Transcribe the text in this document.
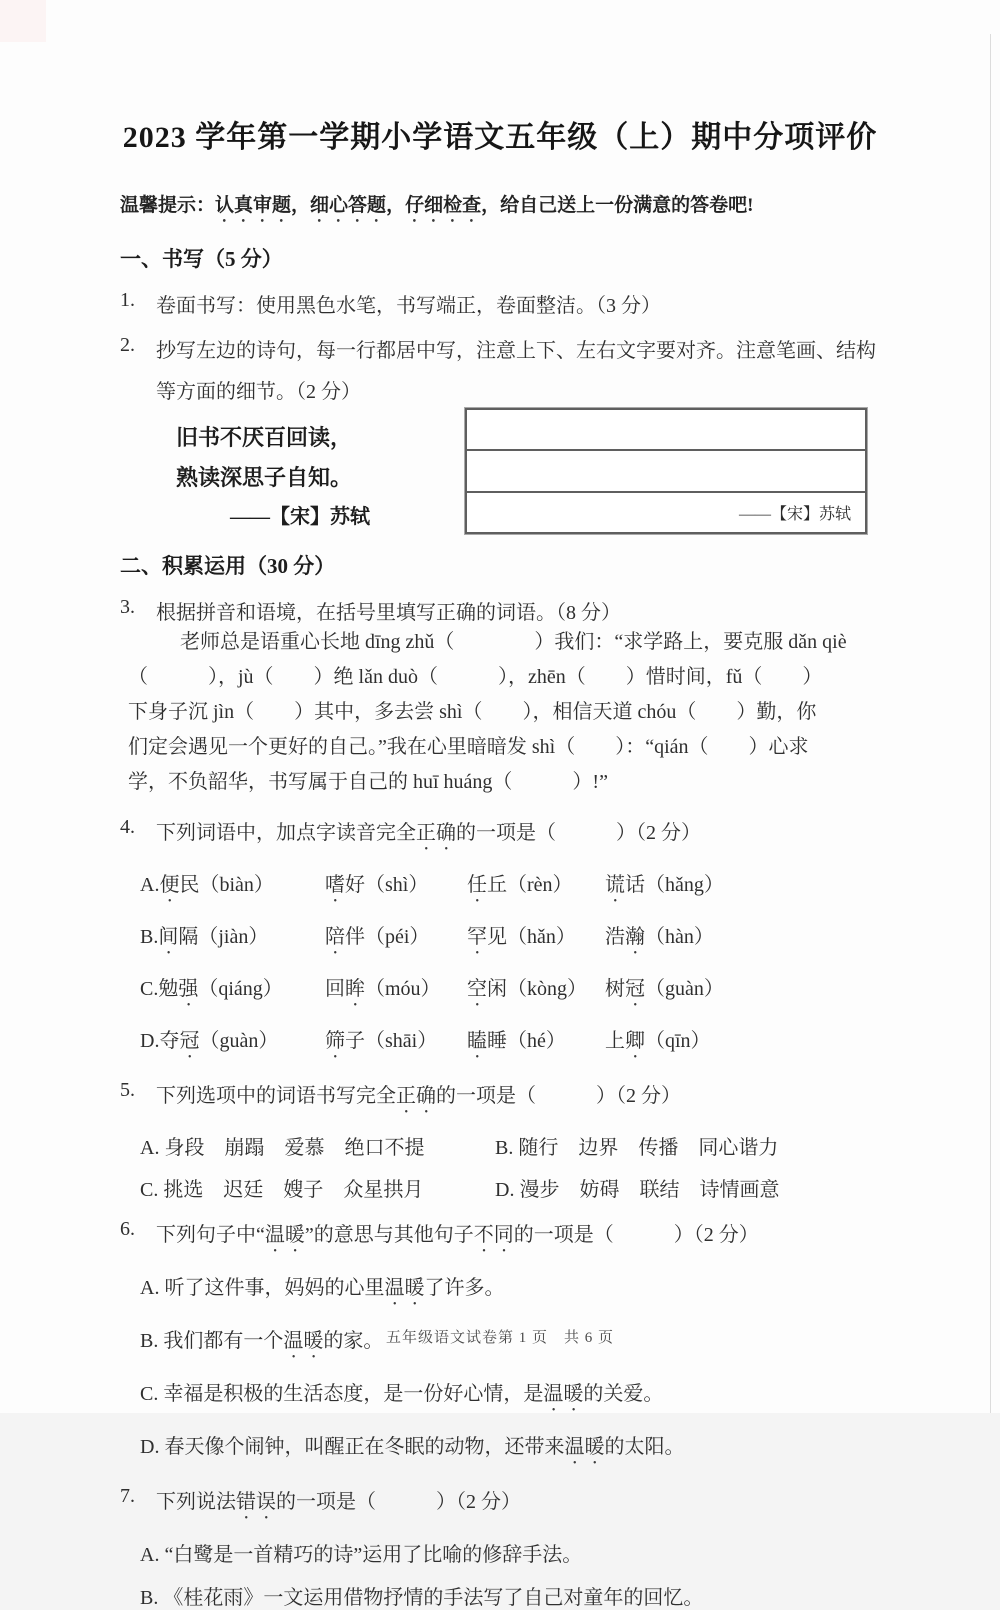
2023 学年第一学期小学语文五年级（上）期中分项评价
温馨提示：认真审题，细心答题，仔细检查，给自己送上一份满意的答卷吧!
一、书写（5 分）
1.	卷面书写：使用黑色水笔，书写端正，卷面整洁。（3 分）
2.	抄写左边的诗句，每一行都居中写，注意上下、左右文字要对齐。注意笔画、结构
等方面的细节。（2 分）
旧书不厌百回读，
熟读深思子自知。
——【宋】苏轼	——【宋】苏轼
二、积累运用（30 分）
3.	根据拼音和语境，在括号里填写正确的词语。（8 分）
老师总是语重心长地 dīng zhǔ（　　　　）我们：“求学路上，要克服 dǎn qiè
（　　　），jù（　　）绝 lǎn duò（　　　），zhēn（　　）惜时间，fǔ（　　）
下身子沉 jìn（　　）其中，多去尝 shì（　　），相信天道 chóu（　　）勤，你
们定会遇见一个更好的自己。”我在心里暗暗发 shì（　　）：“qián（　　）心求
学，不负韶华，书写属于自己的 huī huáng（　　　）!”
4.	下列词语中，加点字读音完全正确的一项是（　　　）（2 分）
A.便民（biàn）	嗜好（shì）	任丘（rèn）	谎话（hǎng）
B.间隔（jiàn）	陪伴（péi）	罕见（hǎn）	浩瀚（hàn）
C.勉强（qiáng）	回眸（móu）	空闲（kòng） 树冠（guàn）
D.夺冠（guàn）	筛子（shāi）	瞌睡（hé）	上卿（qīn）
5.	下列选项中的词语书写完全正确的一项是（　　　）（2 分）
A. 身段　崩蹋　爱慕　绝口不提	B. 随行　边界　传播　同心谐力
C. 挑选　迟廷　嫂子　众星拱月	D. 漫步　妨碍　联结　诗情画意
6.	下列句子中“温暖”的意思与其他句子不同的一项是（　　　）（2 分）
A. 听了这件事，妈妈的心里温暖了许多。
B. 我们都有一个温暖的家。
C. 幸福是积极的生活态度，是一份好心情，是温暖的关爱。
D. 春天像个闹钟，叫醒正在冬眠的动物，还带来温暖的太阳。
7.	下列说法错误的一项是（　　　）（2 分）
A. “白鹭是一首精巧的诗”运用了比喻的修辞手法。
B. 《桂花雨》一文运用借物抒情的手法写了自己对童年的回忆。
五年级语文试卷第 1 页　共 6 页
